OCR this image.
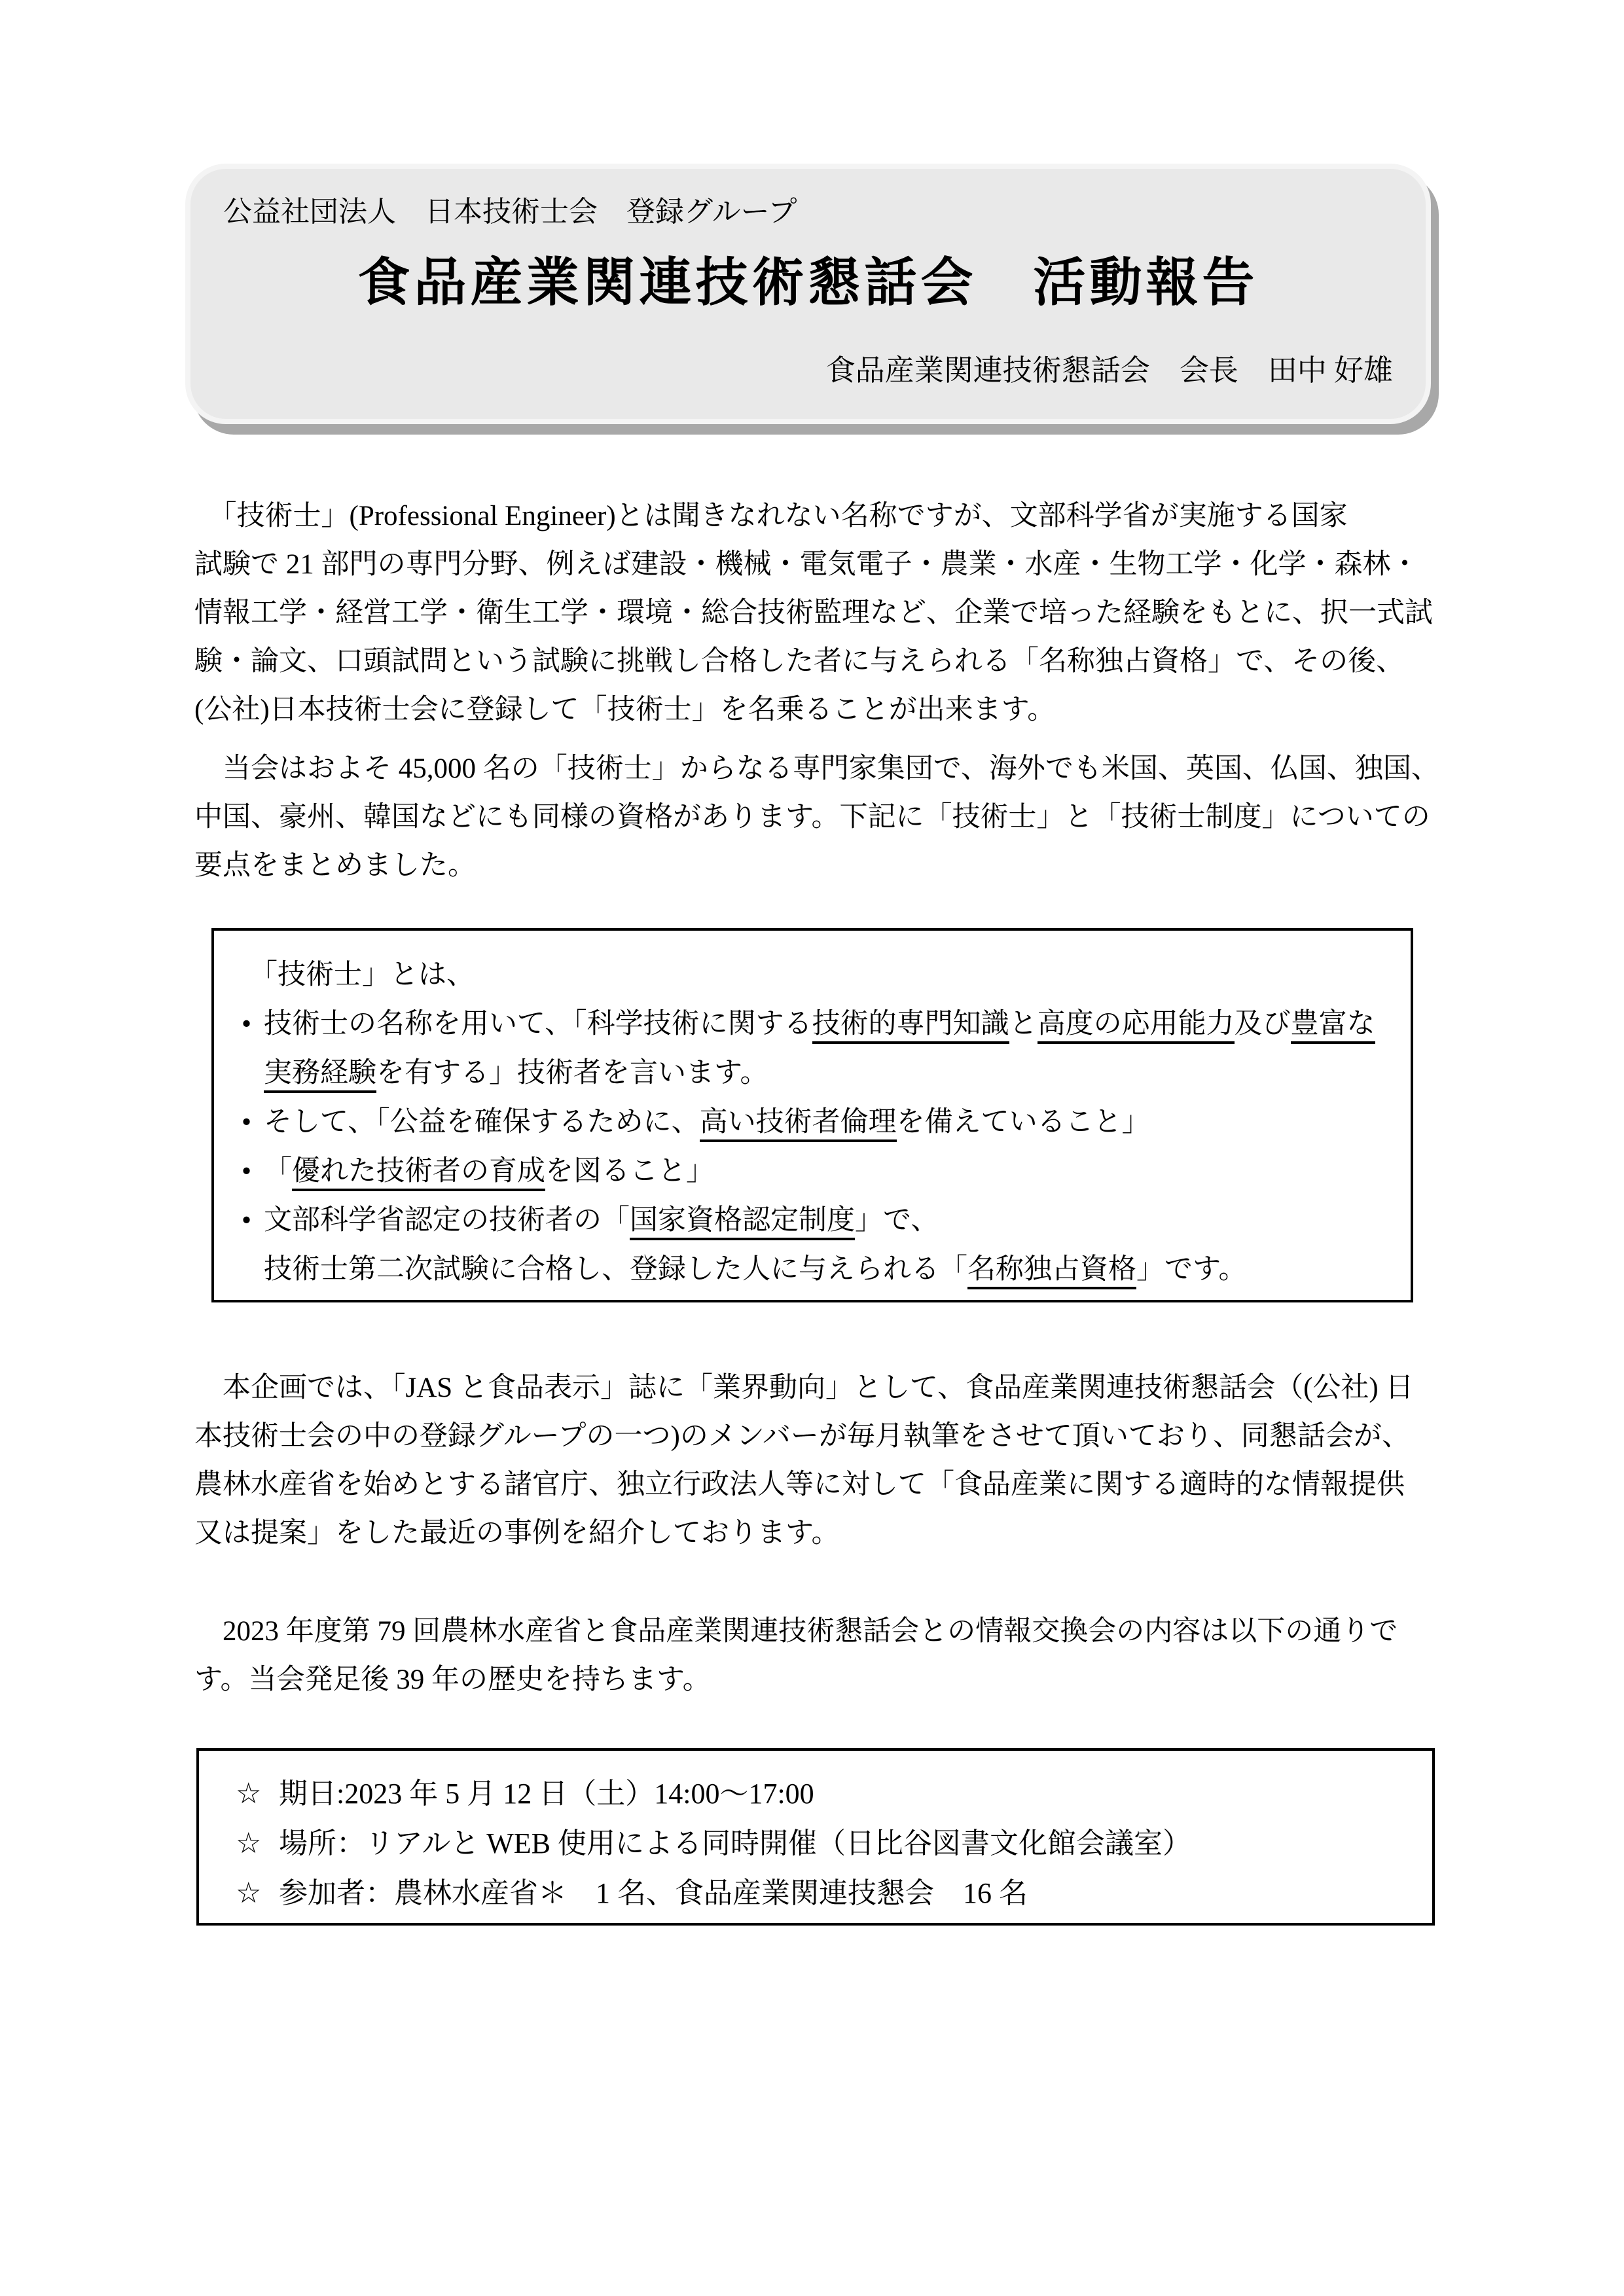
公益社団法人　日本技術士会　登録グループ
食品産業関連技術懇話会　活動報告
食品産業関連技術懇話会　会長　田中 好雄
　「技術士」(Professional Engineer)とは聞きなれない名称ですが、文部科学省が実施する国家
試験で 21 部門の専門分野、例えば建設・機械・電気電子・農業・水産・生物工学・化学・森林・
情報工学・経営工学・衛生工学・環境・総合技術監理など、企業で培った経験をもとに、択一式試
験・論文、口頭試問という試験に挑戦し合格した者に与えられる「名称独占資格」で、その後、
(公社)日本技術士会に登録して「技術士」を名乗ることが出来ます。
　当会はおよそ 45,000 名の「技術士」からなる専門家集団で、海外でも米国、英国、仏国、独国、
中国、豪州、韓国などにも同様の資格があります。下記に「技術士」と「技術士制度」についての
要点をまとめました。
「技術士」とは、
• 技術士の名称を用いて、「科学技術に関する技術的専門知識と高度の応用能力及び豊富な
実務経験を有する」技術者を言います。
• そして、「公益を確保するために、高い技術者倫理を備えていること」
• 「優れた技術者の育成を図ること」
• 文部科学省認定の技術者の「国家資格認定制度」で、
技術士第二次試験に合格し、登録した人に与えられる「名称独占資格」です。
　本企画では、「JAS と食品表示」誌に「業界動向」として、食品産業関連技術懇話会（(公社) 日
本技術士会の中の登録グループの一つ)のメンバーが毎月執筆をさせて頂いており、同懇話会が、
農林水産省を始めとする諸官庁、独立行政法人等に対して「食品産業に関する適時的な情報提供
又は提案」をした最近の事例を紹介しております。
　2023 年度第 79 回農林水産省と食品産業関連技術懇話会との情報交換会の内容は以下の通りで
す。当会発足後 39 年の歴史を持ちます。
☆ 期日:2023 年 5 月 12 日（土）14:00～17:00
☆ 場所：リアルと WEB 使用による同時開催（日比谷図書文化館会議室）
☆ 参加者：農林水産省＊　1 名、食品産業関連技懇会　16 名
